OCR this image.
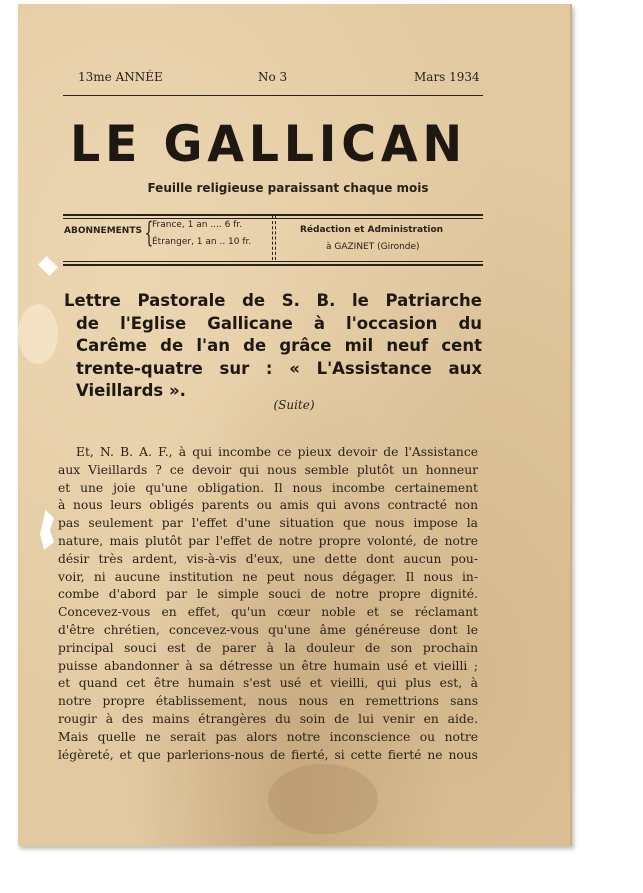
13me ANNÉE	No 3	Mars 1934
LE GALLICAN
Feuille religieuse paraissant chaque mois
ABONNEMENTS {
France, 1 an .... 6 fr.
Étranger, 1 an .. 10 fr.
Rédaction et Administration
à GAZINET (Gironde)
Lettre Pastorale de S. B. le Patriarche
de l'Eglise Gallicane à l'occasion du
Carême de l'an de grâce mil neuf cent
trente-quatre sur : « L'Assistance aux
Vieillards ».
(Suite)
Et, N. B. A. F., à qui incombe ce pieux devoir de l'Assistance
aux Vieillards ? ce devoir qui nous semble plutôt un honneur
et une joie qu'une obligation. Il nous incombe certainement
à nous leurs obligés parents ou amis qui avons contracté non
pas seulement par l'effet d'une situation que nous impose la
nature, mais plutôt par l'effet de notre propre volonté, de notre
désir très ardent, vis-à-vis d'eux, une dette dont aucun pou-
voir, ni aucune institution ne peut nous dégager. Il nous in-
combe d'abord par le simple souci de notre propre dignité.
Concevez-vous en effet, qu'un cœur noble et se réclamant
d'être chrétien, concevez-vous qu'une âme généreuse dont le
principal souci est de parer à la douleur de son prochain
puisse abandonner à sa détresse un être humain usé et vieilli ;
et quand cet être humain s'est usé et vieilli, qui plus est, à
notre propre établissement, nous nous en remettrions sans
rougir à des mains étrangères du soin de lui venir en aide.
Mais quelle ne serait pas alors notre inconscience ou notre
légèreté, et que parlerions-nous de fierté, si cette fierté ne nous
